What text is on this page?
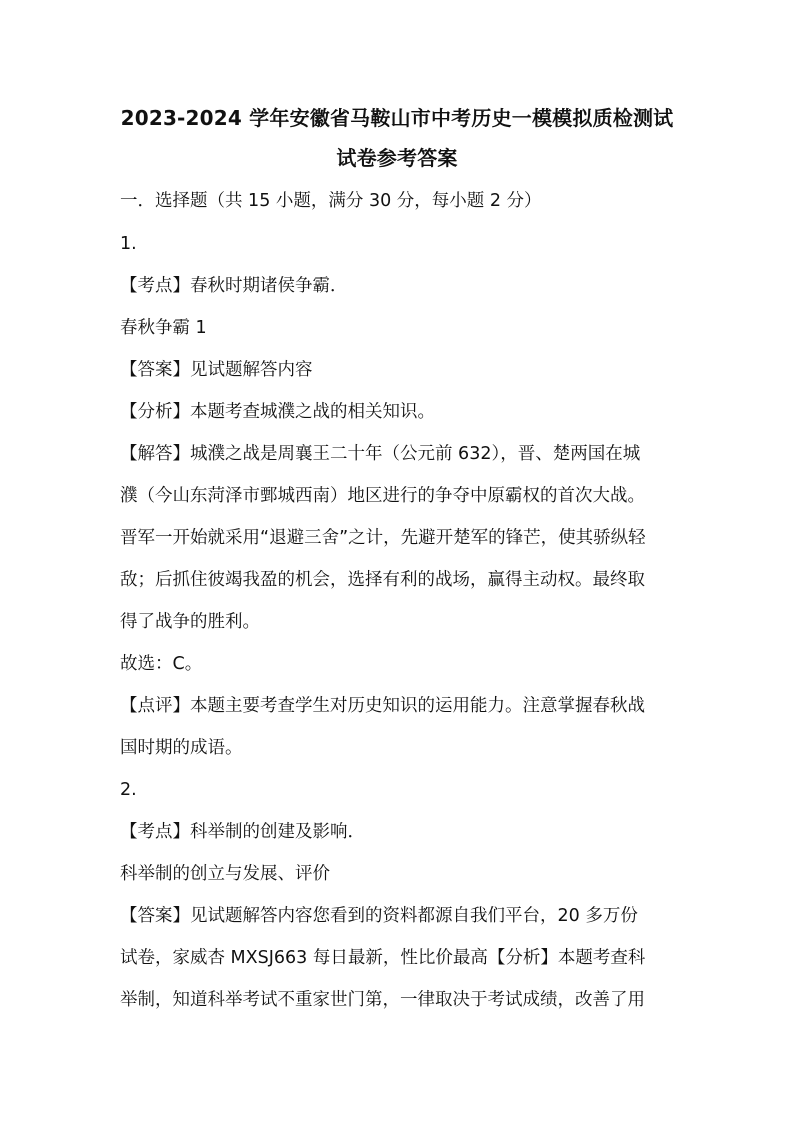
2023-2024 学年安徽省马鞍山市中考历史一模模拟质检测试
试卷参考答案
一．选择题（共 15 小题，满分 30 分，每小题 2 分）
1.
【考点】春秋时期诸侯争霸．
春秋争霸 1
【答案】见试题解答内容
【分析】本题考查城濮之战的相关知识。
【解答】城濮之战是周襄王二十年（公元前 632），晋、楚两国在城
濮（今山东菏泽市鄄城西南）地区进行的争夺中原霸权的首次大战。
晋军一开始就采用“退避三舍”之计，先避开楚军的锋芒，使其骄纵轻
敌；后抓住彼竭我盈的机会，选择有利的战场，赢得主动权。最终取
得了战争的胜利。
故选：C。
【点评】本题主要考查学生对历史知识的运用能力。注意掌握春秋战
国时期的成语。
2.
【考点】科举制的创建及影响．
科举制的创立与发展、评价
【答案】见试题解答内容您看到的资料都源自我们平台，20 多万份
试卷，家威杏 MXSJ663 每日最新，性比价最高【分析】本题考查科
举制，知道科举考试不重家世门第，一律取决于考试成绩，改善了用
